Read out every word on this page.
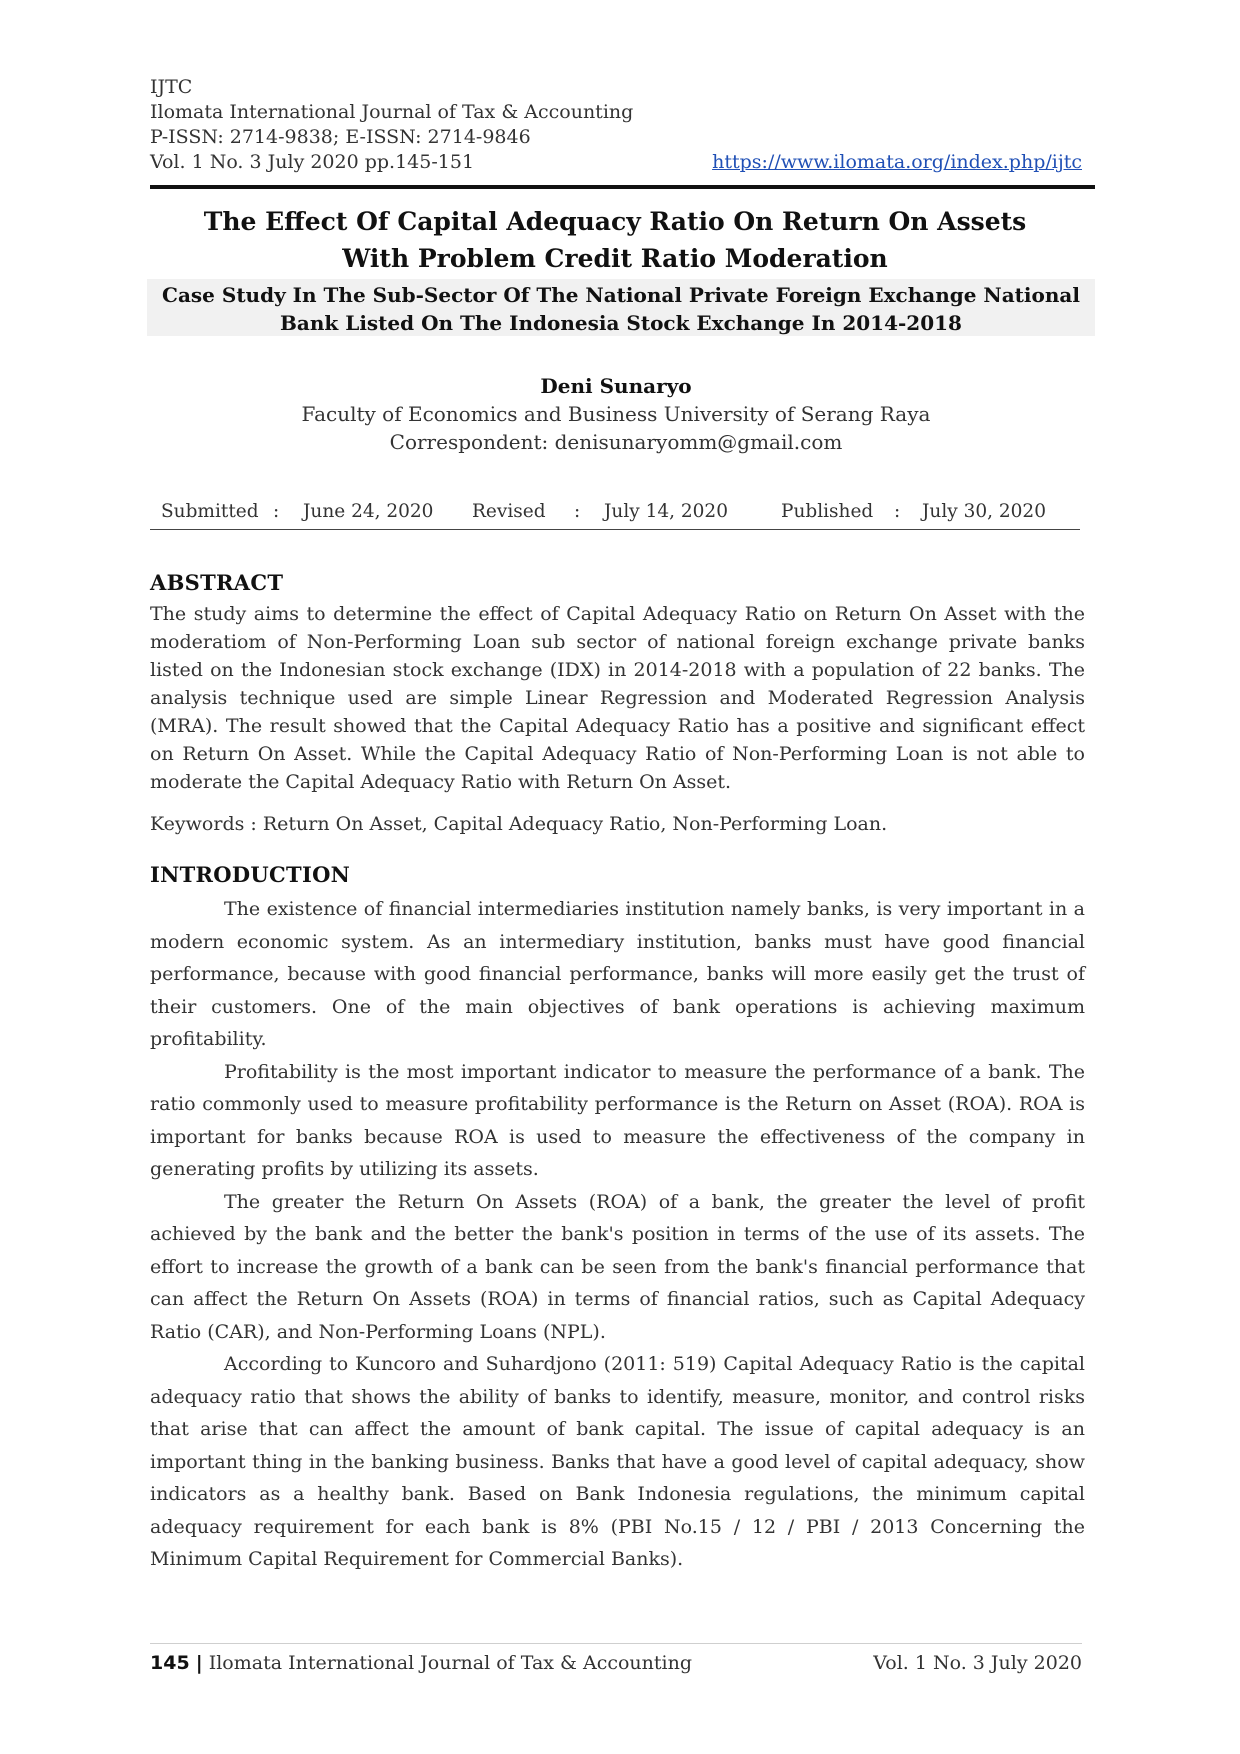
IJTC
Ilomata International Journal of Tax & Accounting
P-ISSN: 2714-9838; E-ISSN: 2714-9846
Vol. 1 No. 3 July 2020 pp.145-151	https://www.ilomata.org/index.php/ijtc
The Effect Of Capital Adequacy Ratio On Return On Assets
With Problem Credit Ratio Moderation
Case Study In The Sub-Sector Of The National Private Foreign Exchange National
Bank Listed On The Indonesia Stock Exchange In 2014-2018
Deni Sunaryo
Faculty of Economics and Business University of Serang Raya
Correspondent: denisunaryomm@gmail.com
Submitted : June 24, 2020 Revised : July 14, 2020	Published : July 30, 2020
ABSTRACT
The study aims to determine the effect of Capital Adequacy Ratio on Return On Asset with the moderatiom of Non-Performing Loan sub sector of national foreign exchange private banks listed on the Indonesian stock exchange (IDX) in 2014-2018 with a population of 22 banks. The analysis technique used are simple Linear Regression and Moderated Regression Analysis (MRA). The result showed that the Capital Adequacy Ratio has a positive and significant effect on Return On Asset. While the Capital Adequacy Ratio of Non-Performing Loan is not able to moderate the Capital Adequacy Ratio with Return On Asset.
Keywords : Return On Asset, Capital Adequacy Ratio, Non-Performing Loan.
INTRODUCTION

The existence of financial intermediaries institution namely banks, is very important in a modern economic system. As an intermediary institution, banks must have good financial performance, because with good financial performance, banks will more easily get the trust of their customers. One of the main objectives of bank operations is achieving maximum profitability.

Profitability is the most important indicator to measure the performance of a bank. The ratio commonly used to measure profitability performance is the Return on Asset (ROA). ROA is important for banks because ROA is used to measure the effectiveness of the company in generating profits by utilizing its assets.

The greater the Return On Assets (ROA) of a bank, the greater the level of profit achieved by the bank and the better the bank's position in terms of the use of its assets. The effort to increase the growth of a bank can be seen from the bank's financial performance that can affect the Return On Assets (ROA) in terms of financial ratios, such as Capital Adequacy Ratio (CAR), and Non-Performing Loans (NPL).

According to Kuncoro and Suhardjono (2011: 519) Capital Adequacy Ratio is the capital adequacy ratio that shows the ability of banks to identify, measure, monitor, and control risks that arise that can affect the amount of bank capital. The issue of capital adequacy is an important thing in the banking business. Banks that have a good level of capital adequacy, show indicators as a healthy bank. Based on Bank Indonesia regulations, the minimum capital adequacy requirement for each bank is 8% (PBI No.15 / 12 / PBI / 2013 Concerning the Minimum Capital Requirement for Commercial Banks).

145 | Ilomata International Journal of Tax & Accounting	Vol. 1 No. 3 July 2020
